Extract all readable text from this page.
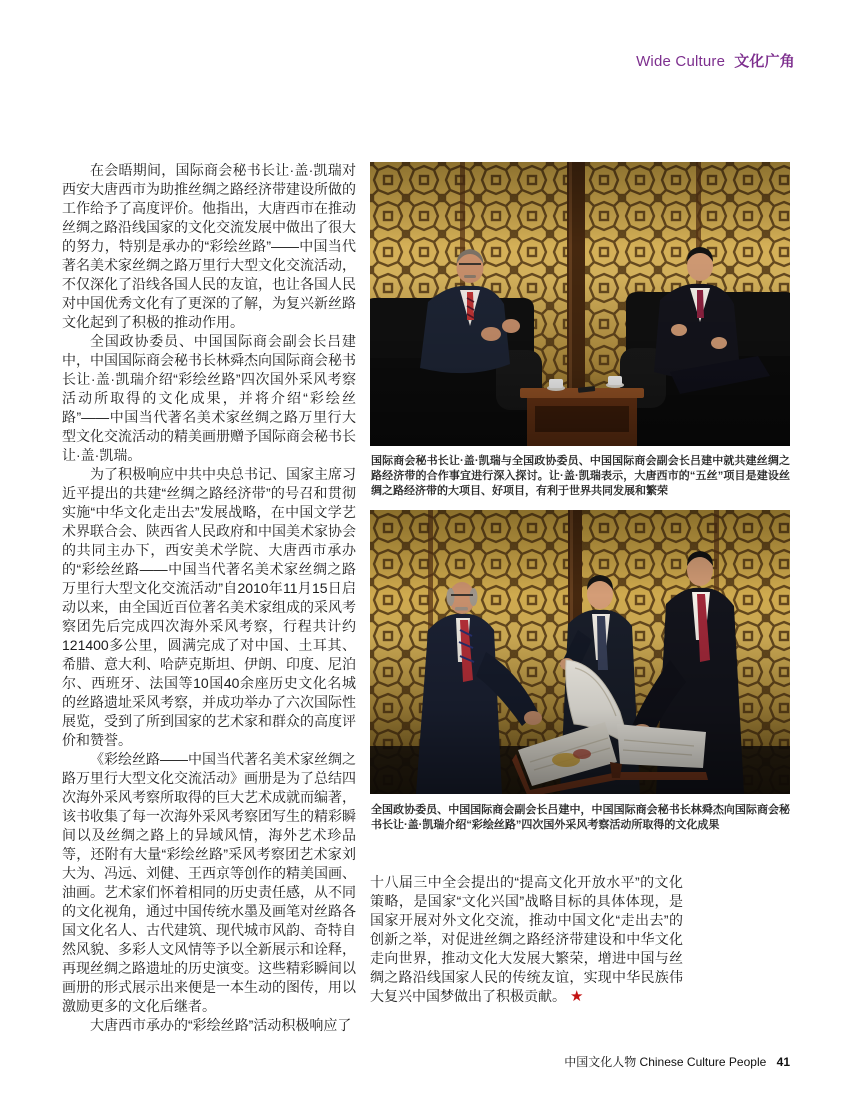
Wide Culture 文化广角

在会晤期间，国际商会秘书长让·盖·凯瑞对西安大唐西市为助推丝绸之路经济带建设所做的工作给予了高度评价。他指出，大唐西市在推动丝绸之路沿线国家的文化交流发展中做出了很大的努力，特别是承办的“彩绘丝路”——中国当代著名美术家丝绸之路万里行大型文化交流活动，不仅深化了沿线各国人民的友谊，也让各国人民对中国优秀文化有了更深的了解，为复兴新丝路文化起到了积极的推动作用。

全国政协委员、中国国际商会副会长吕建中，中国国际商会秘书长林舜杰向国际商会秘书长让·盖·凯瑞介绍“彩绘丝路”四次国外采风考察活动所取得的文化成果，并将介绍“彩绘丝路”——中国当代著名美术家丝绸之路万里行大型文化交流活动的精美画册赠予国际商会秘书长让·盖·凯瑞。

为了积极响应中共中央总书记、国家主席习近平提出的共建“丝绸之路经济带”的号召和贯彻实施“中华文化走出去”发展战略，在中国文学艺术界联合会、陕西省人民政府和中国美术家协会的共同主办下，西安美术学院、大唐西市承办的“彩绘丝路——中国当代著名美术家丝绸之路万里行大型文化交流活动”自2010年11月15日启动以来，由全国近百位著名美术家组成的采风考察团先后完成四次海外采风考察，行程共计约121400多公里，圆满完成了对中国、土耳其、希腊、意大利、哈萨克斯坦、伊朗、印度、尼泊尔、西班牙、法国等10国40余座历史文化名城的丝路遗址采风考察，并成功举办了六次国际性展览，受到了所到国家的艺术家和群众的高度评价和赞誉。

《彩绘丝路——中国当代著名美术家丝绸之路万里行大型文化交流活动》画册是为了总结四次海外采风考察所取得的巨大艺术成就而编著，该书收集了每一次海外采风考察团写生的精彩瞬间以及丝绸之路上的异域风情，海外艺术珍品等，还附有大量“彩绘丝路”采风考察团艺术家刘大为、冯远、刘健、王西京等创作的精美国画、油画。艺术家们怀着相同的历史责任感，从不同的文化视角，通过中国传统水墨及画笔对丝路各国文化名人、古代建筑、现代城市风韵、奇特自然风貌、多彩人文风情等予以全新展示和诠释，再现丝绸之路遗址的历史演变。这些精彩瞬间以画册的形式展示出来便是一本生动的图传，用以激励更多的文化后继者。

大唐西市承办的“彩绘丝路”活动积极响应了

国际商会秘书长让·盖·凯瑞与全国政协委员、中国国际商会副会长吕建中就共建丝绸之路经济带的合作事宜进行深入探讨。让·盖·凯瑞表示，大唐西市的“五丝”项目是建设丝绸之路经济带的大项目、好项目，有利于世界共同发展和繁荣
全国政协委员、中国国际商会副会长吕建中，中国国际商会秘书长林舜杰向国际商会秘书长让·盖·凯瑞介绍“彩绘丝路”四次国外采风考察活动所取得的文化成果

十八届三中全会提出的“提高文化开放水平”的文化策略，是国家“文化兴国”战略目标的具体体现，是国家开展对外文化交流，推动中国文化“走出去”的创新之举，对促进丝绸之路经济带建设和中华文化走向世界，推动文化大发展大繁荣，增进中国与丝绸之路沿线国家人民的传统友谊，实现中华民族伟大复兴中国梦做出了积极贡献。 ★

中国文化人物 Chinese Culture People 41
